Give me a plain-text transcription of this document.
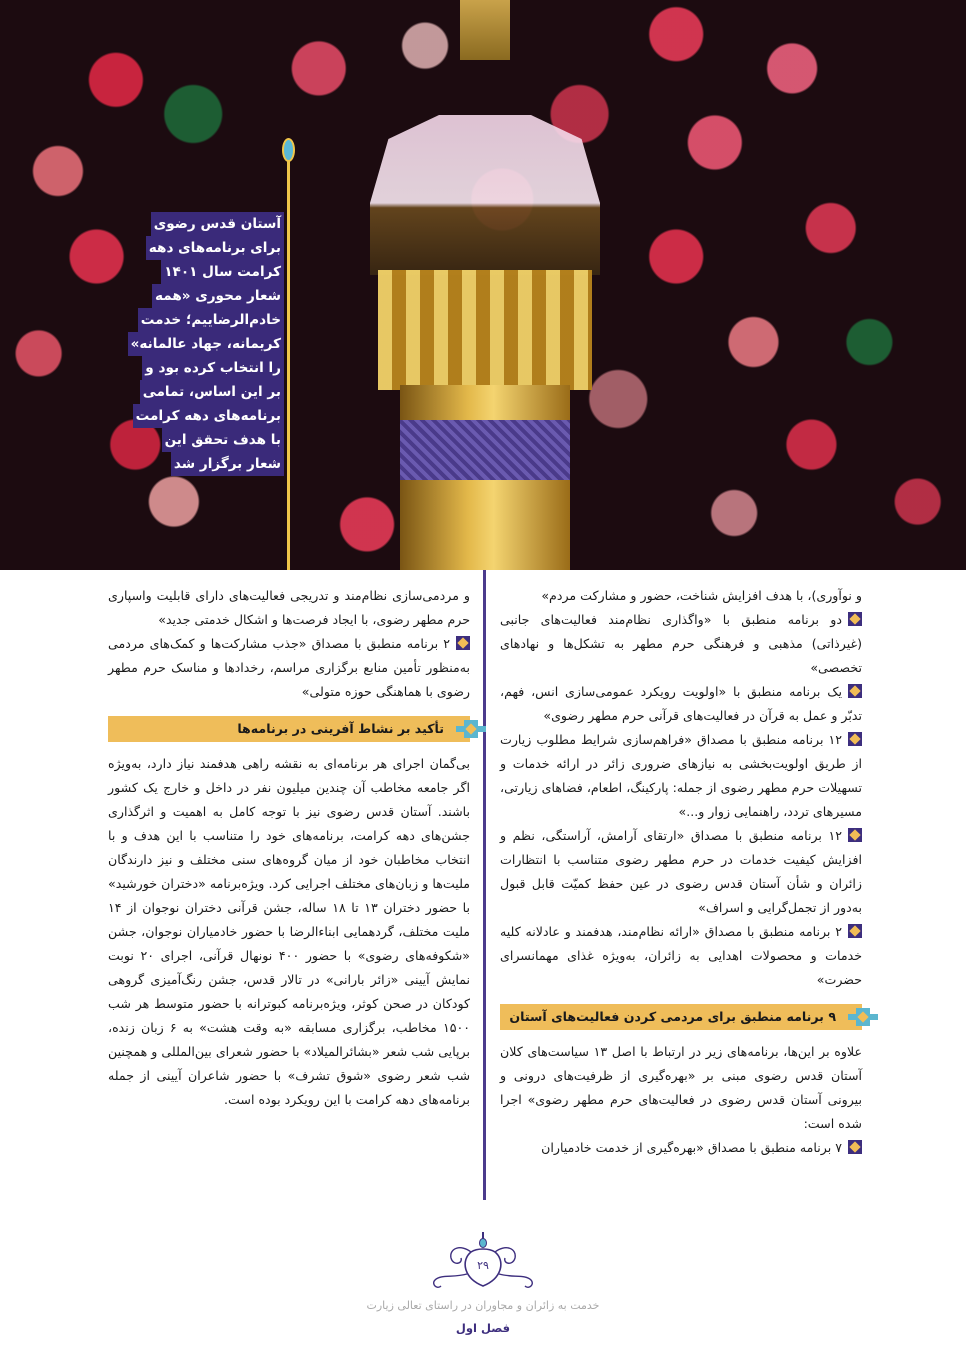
آستان قدس رضوی
برای برنامه‌های دهه
کرامت سال ۱۴۰۱
شعار محوری «همه
خادم‌الرضاییم؛ خدمت
کریمانه، جهاد عالمانه»
را انتخاب کرده بود و
بر این اساس، تمامی
برنامه‌های دهه کرامت
با هدف تحقق این
شعار برگزار شد

و نوآوری)، با هدف افزایش شناخت، حضور و مشارکت مردم»

دو برنامه منطبق با «واگذاری نظام‌مند فعالیت‌های جانبی (غیرذاتی) مذهبی و فرهنگی حرم مطهر به تشکل‌ها و نهادهای تخصصی»

یک برنامه منطبق با «اولویت رویکرد عمومی‌سازی انس، فهم، تدبّر و عمل به قرآن در فعالیت‌های قرآنی حرم مطهر رضوی»

۱۲ برنامه منطبق با مصداق «فراهم‌سازی شرایط مطلوب زیارت از طریق اولویت‌بخشی به نیازهای ضروری زائر در ارائه خدمات و تسهیلات حرم مطهر رضوی از جمله: پارکینگ، اطعام، فضاهای زیارتی، مسیرهای تردد، راهنمایی زوار و...»

۱۲ برنامه منطبق با مصداق «ارتقای آرامش، آراستگی، نظم و افزایش کیفیت خدمات در حرم مطهر رضوی متناسب با انتظارات زائران و شأن آستان قدس رضوی در عین حفظ کمیّت قابل قبول به‌دور از تجمل‌گرایی و اسراف»

۲ برنامه منطبق با مصداق «ارائه نظام‌مند، هدفمند و عادلانه کلیه خدمات و محصولات اهدایی به زائران، به‌ویژه غذای مهمانسرای حضرت»

۹ برنامه منطبق برای مردمی کردن فعالیت‌های آستان

علاوه بر این‌ها، برنامه‌های زیر در ارتباط با اصل ۱۳ سیاست‌های کلان آستان قدس رضوی مبنی بر «بهره‌گیری از ظرفیت‌های درونی و بیرونی آستان قدس رضوی در فعالیت‌های حرم مطهر رضوی» اجرا شده است:

۷ برنامه منطبق با مصداق «بهره‌گیری از خدمت خادمیاران

و مردمی‌سازی نظام‌مند و تدریجی فعالیت‌های دارای قابلیت واسپاری حرم مطهر رضوی، با ایجاد فرصت‌ها و اشکال خدمتی جدید»

۲ برنامه منطبق با مصداق «جذب مشارکت‌ها و کمک‌های مردمی به‌منظور تأمین منابع برگزاری مراسم، رخدادها و مناسک حرم مطهر رضوی با هماهنگی حوزه متولی»

تأکید بر نشاط آفرینی در برنامه‌ها

بی‌گمان اجرای هر برنامه‌ای به نقشه راهی هدفمند نیاز دارد، به‌ویژه اگر جامعه مخاطب آن چندین میلیون نفر در داخل و خارج یک کشور باشند. آستان قدس رضوی نیز با توجه کامل به اهمیت و اثرگذاری جشن‌های دهه کرامت، برنامه‌های خود را متناسب با این هدف و با انتخاب مخاطبان خود از میان گروه‌های سنی مختلف و نیز دارندگان ملیت‌ها و زبان‌های مختلف اجرایی کرد. ویژه‌برنامه «دختران خورشید» با حضور دختران ۱۳ تا ۱۸ ساله، جشن قرآنی دختران نوجوان از ۱۴ ملیت مختلف، گردهمایی ابناءالرضا با حضور خادمیاران نوجوان، جشن «شکوفه‌های رضوی» با حضور ۴۰۰ نونهال قرآنی، اجرای ۲۰ نوبت نمایش آیینی «زائر بارانی» در تالار قدس، جشن رنگ‌آمیزی گروهی کودکان در صحن کوثر، ویژه‌برنامه کبوترانه با حضور متوسط هر شب ۱۵۰۰ مخاطب، برگزاری مسابقه «به وقت هشت» به ۶ زبان زنده، برپایی شب شعر «بشائرالمیلاد» با حضور شعرای بین‌المللی و همچنین شب شعر رضوی «شوق تشرف» با حضور شاعران آیینی از جمله برنامه‌های دهه کرامت با این رویکرد بوده است.

۲۹
خدمت به زائران و مجاوران در راستای تعالی زیارت
فصل اول
